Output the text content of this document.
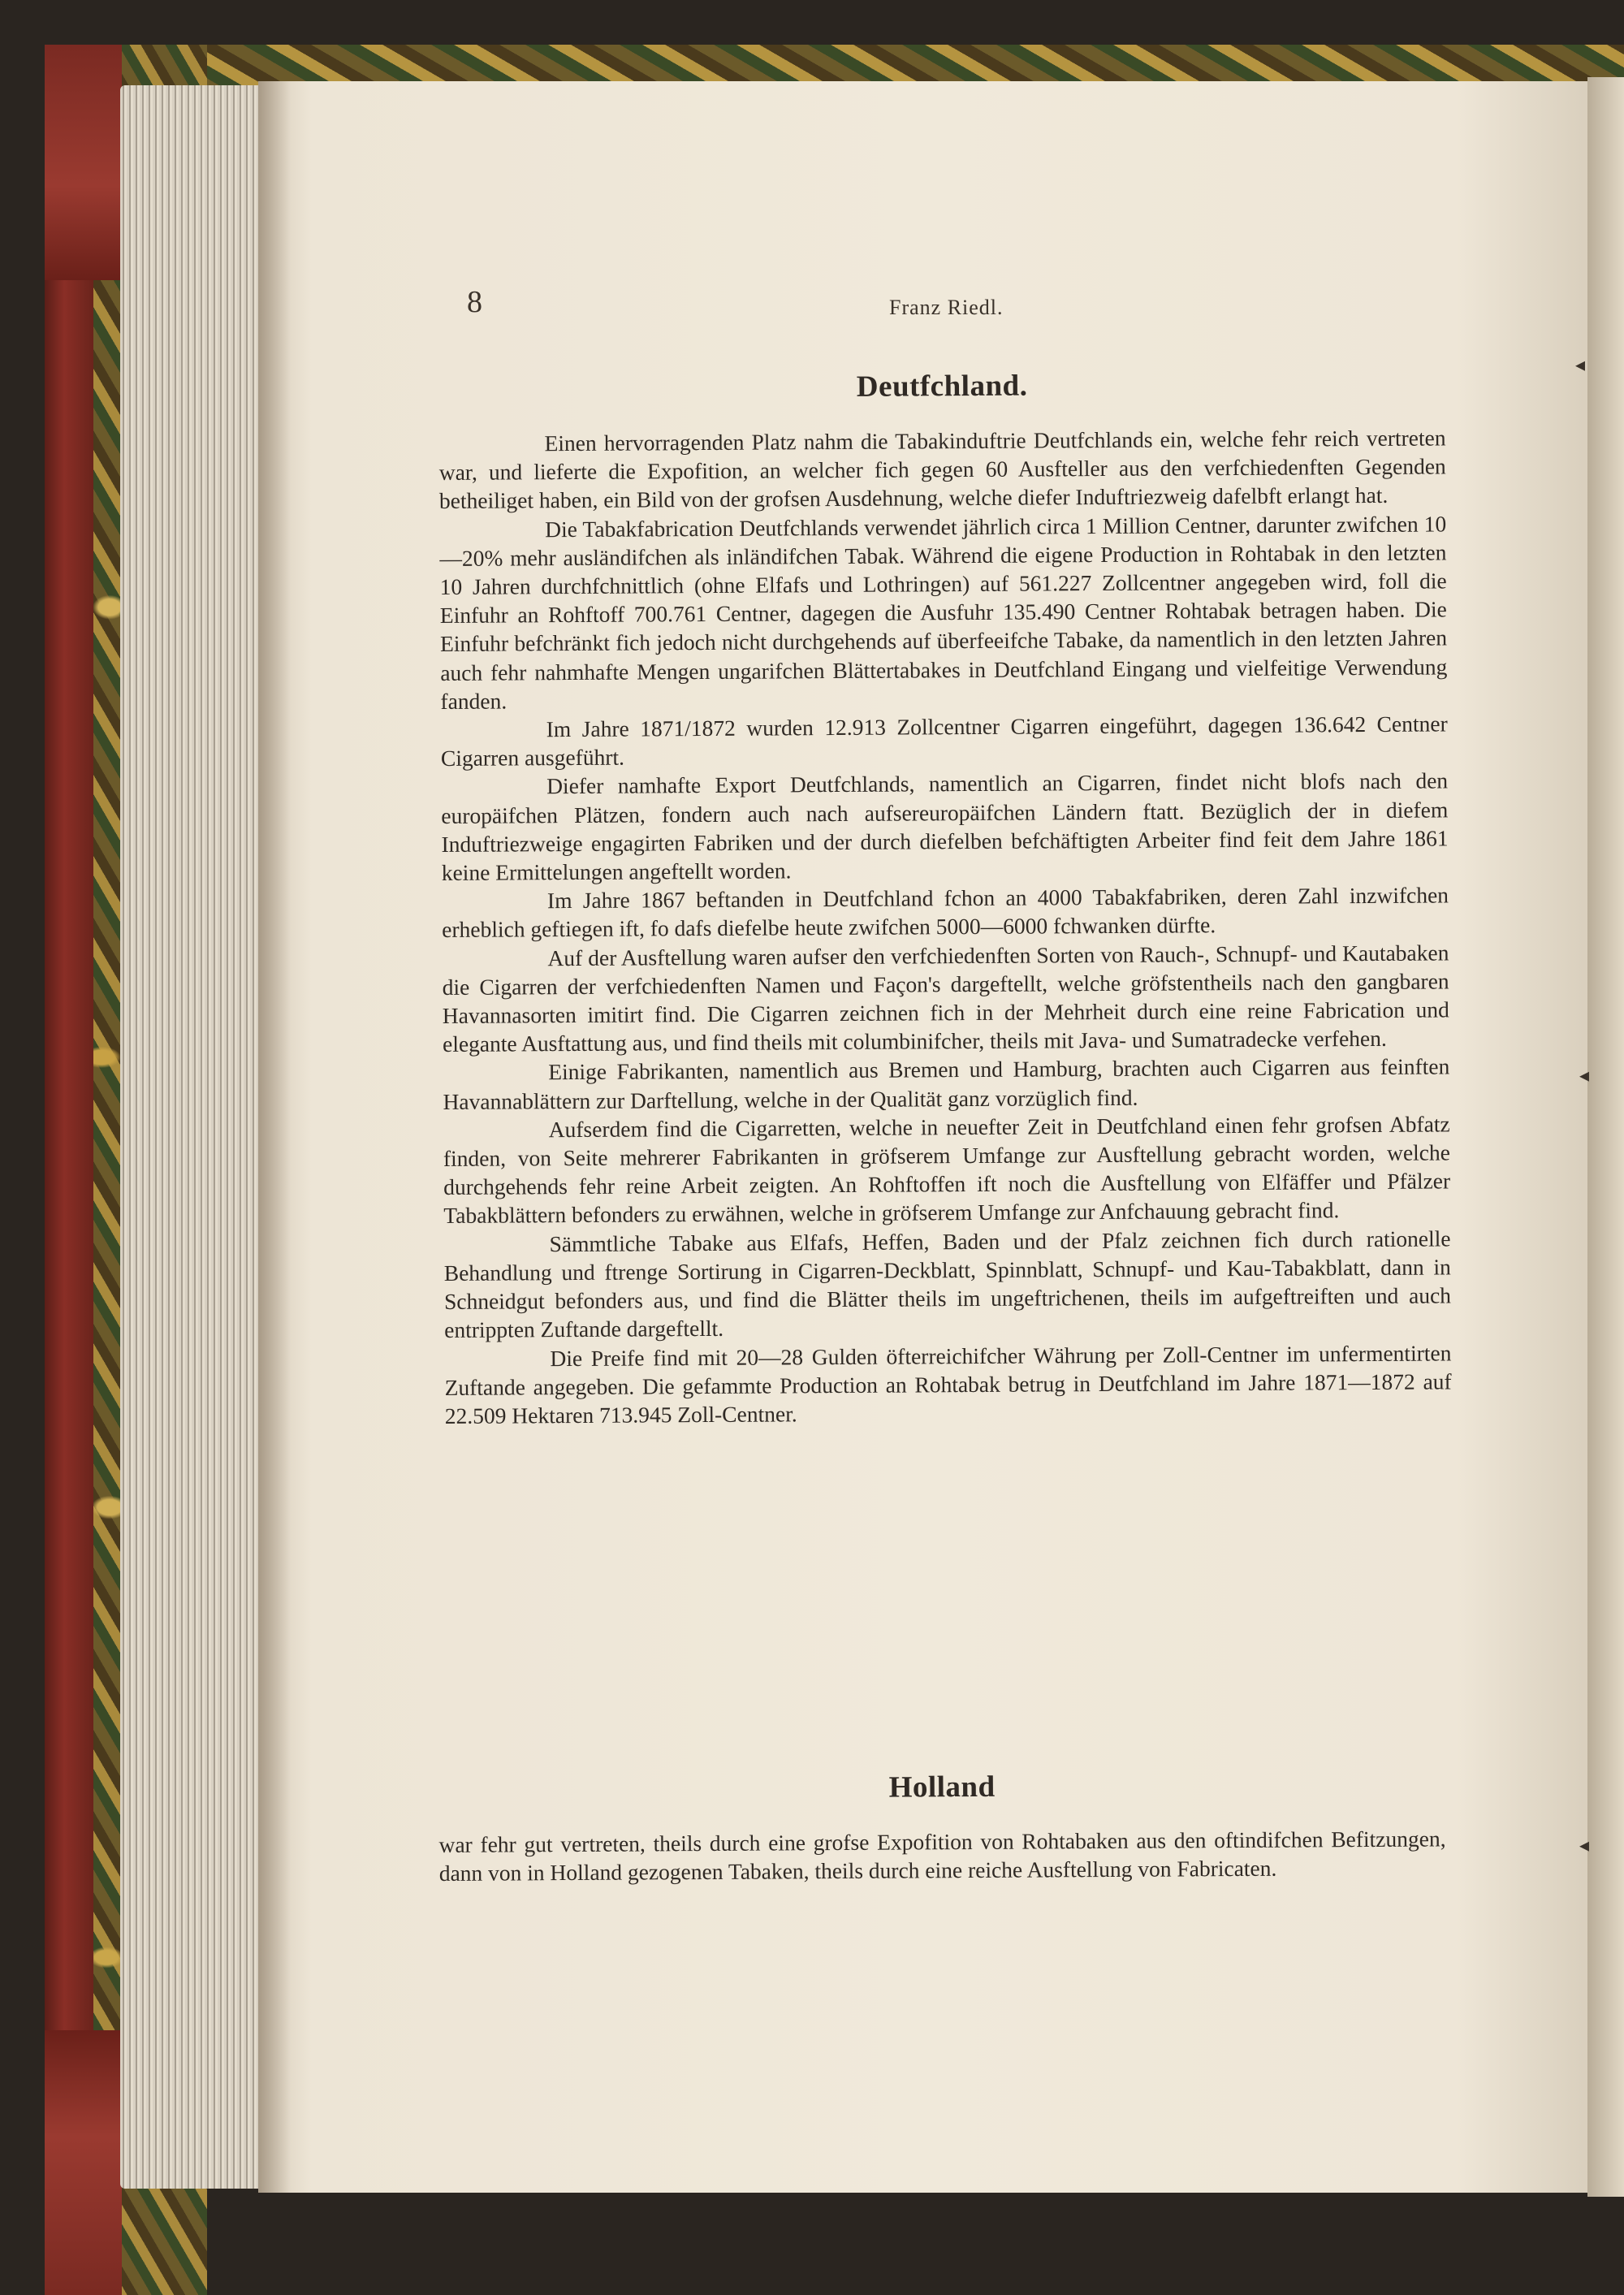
8	Franz Riedl.
Deutfchland.

Einen hervorragenden Platz nahm die Tabakinduftrie Deutfchlands ein, welche fehr reich vertreten war, und lieferte die Expofition, an welcher fich gegen 60 Ausfteller aus den verfchiedenften Gegenden betheiliget haben, ein Bild von der grofsen Ausdehnung, welche diefer Induftriezweig dafelbft erlangt hat.

Die Tabakfabrication Deutfchlands verwendet jährlich circa 1 Million Centner, darunter zwifchen 10—20% mehr ausländifchen als inländifchen Tabak. Während die eigene Production in Rohtabak in den letzten 10 Jahren durchfchnittlich (ohne Elfafs und Lothringen) auf 561.227 Zollcentner angegeben wird, foll die Einfuhr an Rohftoff 700.761 Centner, dagegen die Ausfuhr 135.490 Centner Rohtabak betragen haben. Die Einfuhr befchränkt fich jedoch nicht durchgehends auf überfeeifche Tabake, da namentlich in den letzten Jahren auch fehr nahmhafte Mengen ungarifchen Blättertabakes in Deutfchland Eingang und vielfeitige Verwendung fanden.

Im Jahre 1871/1872 wurden 12.913 Zollcentner Cigarren eingeführt, dagegen 136.642 Centner Cigarren ausgeführt.

Diefer namhafte Export Deutfchlands, namentlich an Cigarren, findet nicht blofs nach den europäifchen Plätzen, fondern auch nach aufsereuropäifchen Ländern ftatt. Bezüglich der in diefem Induftriezweige engagirten Fabriken und der durch diefelben befchäftigten Arbeiter find feit dem Jahre 1861 keine Ermittelungen angeftellt worden.

Im Jahre 1867 beftanden in Deutfchland fchon an 4000 Tabakfabriken, deren Zahl inzwifchen erheblich geftiegen ift, fo dafs diefelbe heute zwifchen 5000—6000 fchwanken dürfte.

Auf der Ausftellung waren aufser den verfchiedenften Sorten von Rauch-, Schnupf- und Kautabaken die Cigarren der verfchiedenften Namen und Façon's dargeftellt, welche gröfstentheils nach den gangbaren Havannasorten imitirt find. Die Cigarren zeichnen fich in der Mehrheit durch eine reine Fabrication und elegante Ausftattung aus, und find theils mit columbinifcher, theils mit Java- und Sumatradecke verfehen.

Einige Fabrikanten, namentlich aus Bremen und Hamburg, brachten auch Cigarren aus feinften Havannablättern zur Darftellung, welche in der Qualität ganz vorzüglich find.

Aufserdem find die Cigarretten, welche in neuefter Zeit in Deutfchland einen fehr grofsen Abfatz finden, von Seite mehrerer Fabrikanten in gröfserem Umfange zur Ausftellung gebracht worden, welche durchgehends fehr reine Arbeit zeigten. An Rohftoffen ift noch die Ausftellung von Elfäffer und Pfälzer Tabakblättern befonders zu erwähnen, welche in gröfserem Umfange zur Anfchauung gebracht find.

Sämmtliche Tabake aus Elfafs, Heffen, Baden und der Pfalz zeichnen fich durch rationelle Behandlung und ftrenge Sortirung in Cigarren-Deckblatt, Spinnblatt, Schnupf- und Kau-Tabakblatt, dann in Schneidgut befonders aus, und find die Blätter theils im ungeftrichenen, theils im aufgeftreiften und auch entrippten Zuftande dargeftellt.

Die Preife find mit 20—28 Gulden öfterreichifcher Währung per Zoll-Centner im unfermentirten Zuftande angegeben. Die gefammte Production an Rohtabak betrug in Deutfchland im Jahre 1871—1872 auf 22.509 Hektaren 713.945 Zoll-Centner.

Holland

war fehr gut vertreten, theils durch eine grofse Expofition von Rohtabaken aus den oftindifchen Befitzungen, dann von in Holland gezogenen Tabaken, theils durch eine reiche Ausftellung von Fabricaten.

◂
◂
◂
